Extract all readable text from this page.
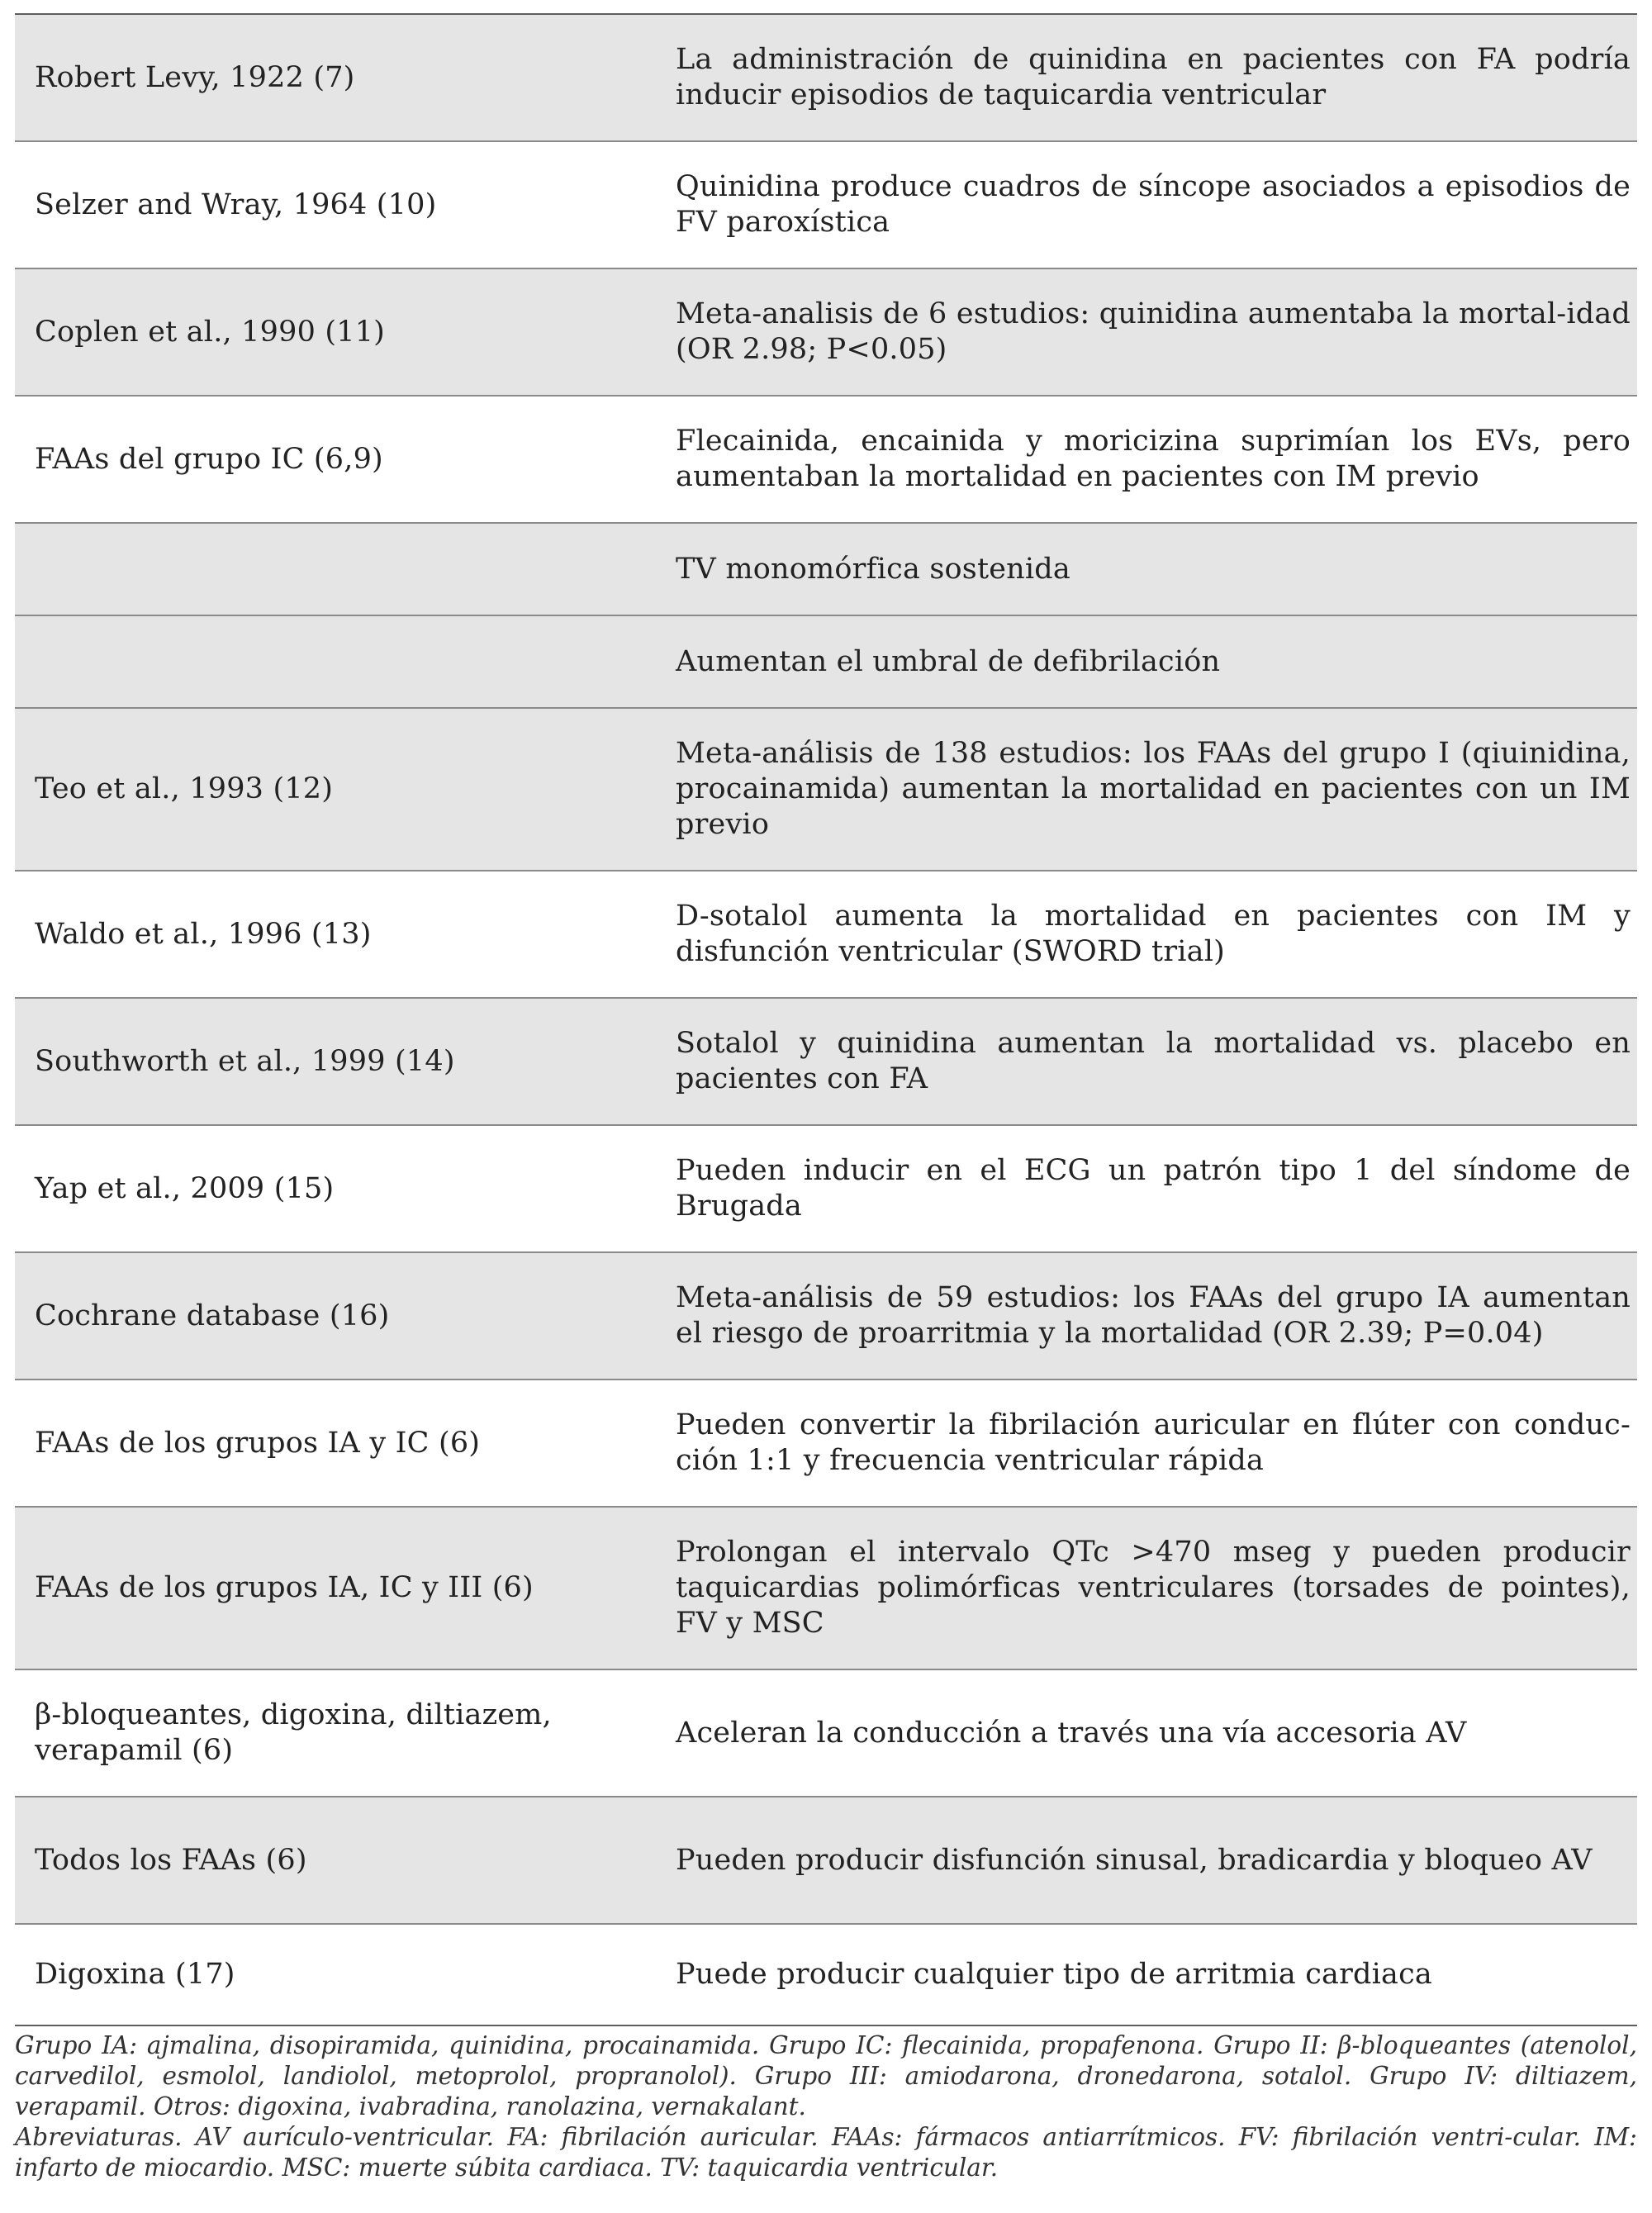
Robert Levy, 1922 (7)	La administración de quinidina en pacientes con FA podría inducir episodios de taquicardia ventricular
Selzer and Wray, 1964 (10)	Quinidina produce cuadros de síncope asociados a episodios de FV paroxística
Coplen et al., 1990 (11)	Meta-analisis de 6 estudios: quinidina aumentaba la mortal-idad (OR 2.98; P<0.05)
FAAs del grupo IC (6,9)	Flecainida, encainida y moricizina suprimían los EVs, pero aumentaban la mortalidad en pacientes con IM previo
	TV monomórfica sostenida
	Aumentan el umbral de defibrilación
Teo et al., 1993 (12)	Meta-análisis de 138 estudios: los FAAs del grupo I (qiuinidina, procainamida) aumentan la mortalidad en pacientes con un IM previo
Waldo et al., 1996 (13)	D-sotalol aumenta la mortalidad en pacientes con IM y disfunción ventricular (SWORD trial)
Southworth et al., 1999 (14)	Sotalol y quinidina aumentan la mortalidad vs. placebo en pacientes con FA
Yap et al., 2009 (15)	Pueden inducir en el ECG un patrón tipo 1 del síndome de Brugada
Cochrane database (16)	Meta-análisis de 59 estudios: los FAAs del grupo IA aumentan el riesgo de proarritmia y la mortalidad (OR 2.39; P=0.04)
FAAs de los grupos IA y IC (6)	Pueden convertir la fibrilación auricular en flúter con conduc-ción 1:1 y frecuencia ventricular rápida
FAAs de los grupos IA, IC y III (6)	Prolongan el intervalo QTc >470 mseg y pueden producir taquicardias polimórficas ventriculares (torsades de pointes), FV y MSC
β-bloqueantes, digoxina, diltiazem, verapamil (6)	Aceleran la conducción a través una vía accesoria AV
Todos los FAAs (6)	Pueden producir disfunción sinusal, bradicardia y bloqueo AV
Digoxina (17)	Puede producir cualquier tipo de arritmia cardiaca

Grupo IA: ajmalina, disopiramida, quinidina, procainamida. Grupo IC: flecainida, propafenona. Grupo II: β-bloqueantes (atenolol, carvedilol, esmolol, landiolol, metoprolol, propranolol). Grupo III: amiodarona, dronedarona, sotalol. Grupo IV: diltiazem, verapamil. Otros: digoxina, ivabradina, ranolazina, vernakalant.

Abreviaturas. AV aurículo-ventricular. FA: fibrilación auricular. FAAs: fármacos antiarrítmicos. FV: fibrilación ventri-cular. IM: infarto de miocardio. MSC: muerte súbita cardiaca. TV: taquicardia ventricular.
